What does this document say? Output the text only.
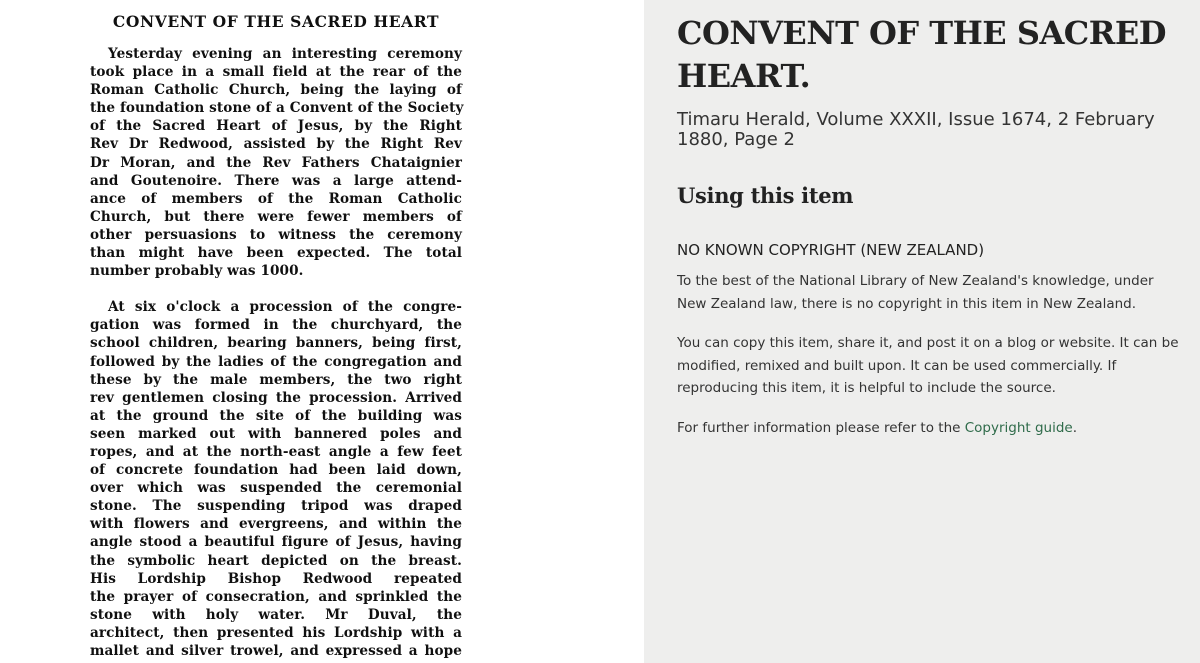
CONVENT OF THE SACRED HEART
Yesterday evening an interesting ceremony
took place in a small field at the rear of the
Roman Catholic Church, being the laying of
the foundation stone of a Convent of the Society
of the Sacred Heart of Jesus, by the Right
Rev Dr Redwood, assisted by the Right Rev
Dr Moran, and the Rev Fathers Chataignier
and Goutenoire. There was a large attend-
ance of members of the Roman Catholic
Church, but there were fewer members of
other persuasions to witness the ceremony
than might have been expected. The total
number probably was 1000.
At six o'clock a procession of the congre-
gation was formed in the churchyard, the
school children, bearing banners, being first,
followed by the ladies of the congregation and
these by the male members, the two right
rev gentlemen closing the procession. Arrived
at the ground the site of the building was
seen marked out with bannered poles and
ropes, and at the north-east angle a few feet
of concrete foundation had been laid down,
over which was suspended the ceremonial
stone. The suspending tripod was draped
with flowers and evergreens, and within the
angle stood a beautiful figure of Jesus, having
the symbolic heart depicted on the breast.
His Lordship Bishop Redwood repeated
the prayer of consecration, and sprinkled the
stone with holy water. Mr Duval, the
architect, then presented his Lordship with a
mallet and silver trowel, and expressed a hope
CONVENT OF THE SACRED HEART.
Timaru Herald, Volume XXXII, Issue 1674, 2 February 1880, Page 2
Using this item
NO KNOWN COPYRIGHT (NEW ZEALAND)

To the best of the National Library of New Zealand's knowledge, under New Zealand law, there is no copyright in this item in New Zealand.

You can copy this item, share it, and post it on a blog or website. It can be modified, remixed and built upon. It can be used commercially. If reproducing this item, it is helpful to include the source.

For further information please refer to the Copyright guide.
